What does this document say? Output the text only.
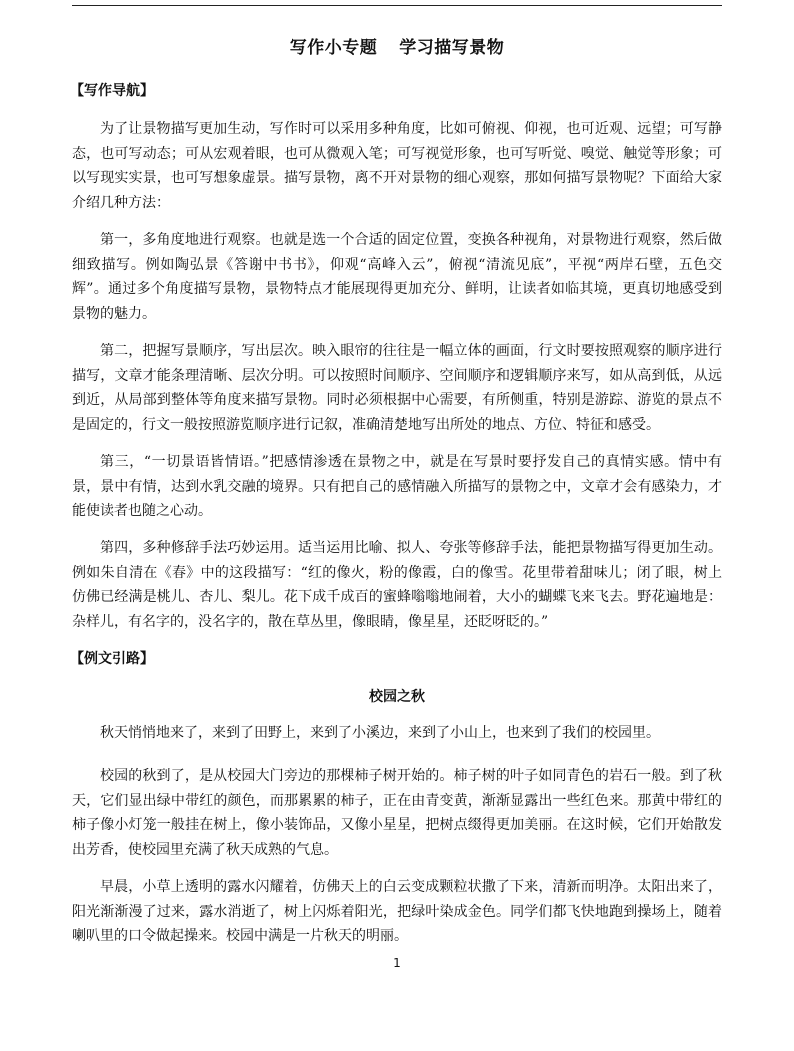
写作小专题 学习描写景物
【写作导航】
为了让景物描写更加生动，写作时可以采用多种角度，比如可俯视、仰视，也可近观、远望；可写静态，也可写动态；可从宏观着眼，也可从微观入笔；可写视觉形象，也可写听觉、嗅觉、触觉等形象；可以写现实实景，也可写想象虚景。描写景物，离不开对景物的细心观察，那如何描写景物呢？下面给大家介绍几种方法：
第一，多角度地进行观察。也就是选一个合适的固定位置，变换各种视角，对景物进行观察，然后做细致描写。例如陶弘景《答谢中书书》，仰观“高峰入云”，俯视“清流见底”，平视“两岸石壁，五色交辉”。通过多个角度描写景物，景物特点才能展现得更加充分、鲜明，让读者如临其境，更真切地感受到景物的魅力。
第二，把握写景顺序，写出层次。映入眼帘的往往是一幅立体的画面，行文时要按照观察的顺序进行描写，文章才能条理清晰、层次分明。可以按照时间顺序、空间顺序和逻辑顺序来写，如从高到低，从远到近，从局部到整体等角度来描写景物。同时必须根据中心需要，有所侧重，特别是游踪、游览的景点不是固定的，行文一般按照游览顺序进行记叙，准确清楚地写出所处的地点、方位、特征和感受。
第三，“一切景语皆情语。”把感情渗透在景物之中，就是在写景时要抒发自己的真情实感。情中有景，景中有情，达到水乳交融的境界。只有把自己的感情融入所描写的景物之中，文章才会有感染力，才能使读者也随之心动。
第四，多种修辞手法巧妙运用。适当运用比喻、拟人、夸张等修辞手法，能把景物描写得更加生动。例如朱自清在《春》中的这段描写：“红的像火，粉的像霞，白的像雪。花里带着甜味儿；闭了眼，树上仿佛已经满是桃儿、杏儿、梨儿。花下成千成百的蜜蜂嗡嗡地闹着，大小的蝴蝶飞来飞去。野花遍地是：杂样儿，有名字的，没名字的，散在草丛里，像眼睛，像星星，还眨呀眨的。”
【例文引路】
校园之秋
秋天悄悄地来了，来到了田野上，来到了小溪边，来到了小山上，也来到了我们的校园里。
校园的秋到了，是从校园大门旁边的那棵柿子树开始的。柿子树的叶子如同青色的岩石一般。到了秋天，它们显出绿中带红的颜色，而那累累的柿子，正在由青变黄，渐渐显露出一些红色来。那黄中带红的柿子像小灯笼一般挂在树上，像小装饰品，又像小星星，把树点缀得更加美丽。在这时候，它们开始散发出芳香，使校园里充满了秋天成熟的气息。
早晨，小草上透明的露水闪耀着，仿佛天上的白云变成颗粒状撒了下来，清新而明净。太阳出来了，阳光渐渐漫了过来，露水消逝了，树上闪烁着阳光，把绿叶染成金色。同学们都飞快地跑到操场上，随着喇叭里的口令做起操来。校园中满是一片秋天的明丽。
1
